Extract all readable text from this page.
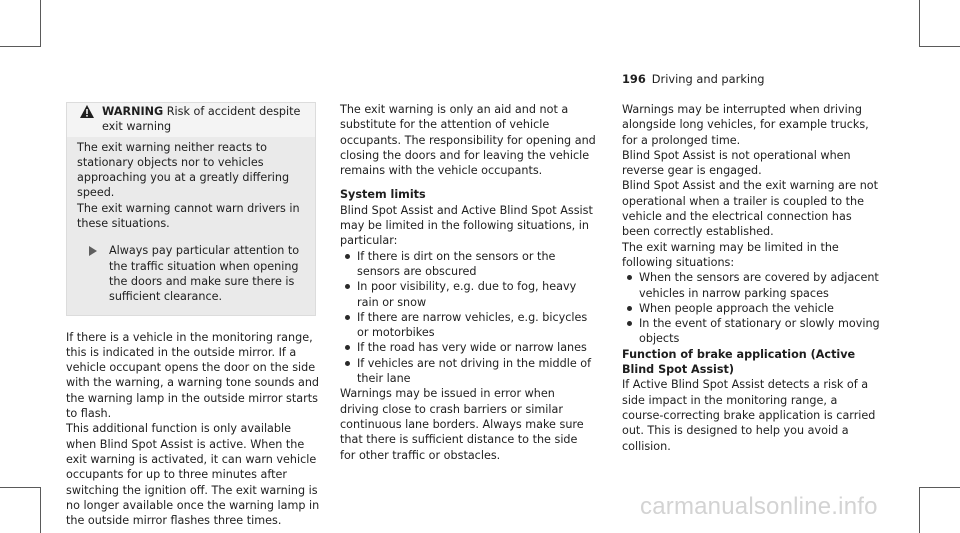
196 Driving and parking
WARNING Risk of accident despite exit warning

The exit warning neither reacts to stationary objects nor to vehicles approaching you at a greatly differing speed.

The exit warning cannot warn drivers in these situations.

Always pay particular attention to the traffic situation when opening the doors and make sure there is sufficient clearance.

If there is a vehicle in the monitoring range, this is indicated in the outside mirror. If a vehicle occupant opens the door on the side with the warning, a warning tone sounds and the warning lamp in the outside mirror starts to flash.

This additional function is only available when Blind Spot Assist is active. When the exit warning is activated, it can warn vehicle occupants for up to three minutes after switching the ignition off. The exit warning is no longer available once the warning lamp in the outside mirror flashes three times.

The exit warning is only an aid and not a substitute for the attention of vehicle occupants. The responsibility for opening and closing the doors and for leaving the vehicle remains with the vehicle occupants.

System limits

Blind Spot Assist and Active Blind Spot Assist may be limited in the following situations, in particular:

If there is dirt on the sensors or the sensors are obscured
In poor visibility, e.g. due to fog, heavy rain or snow
If there are narrow vehicles, e.g. bicycles or motorbikes
If the road has very wide or narrow lanes
If vehicles are not driving in the middle of their lane

Warnings may be issued in error when driving close to crash barriers or similar continuous lane borders. Always make sure that there is sufficient distance to the side for other traffic or obstacles.

Warnings may be interrupted when driving alongside long vehicles, for example trucks, for a prolonged time.

Blind Spot Assist is not operational when reverse gear is engaged.

Blind Spot Assist and the exit warning are not operational when a trailer is coupled to the vehicle and the electrical connection has been correctly established.

The exit warning may be limited in the following situations:

When the sensors are covered by adjacent vehicles in narrow parking spaces
When people approach the vehicle
In the event of stationary or slowly moving objects

Function of brake application (Active Blind Spot Assist)

If Active Blind Spot Assist detects a risk of a side impact in the monitoring range, a course-correcting brake application is carried out. This is designed to help you avoid a collision.

carmanualsonline.info
